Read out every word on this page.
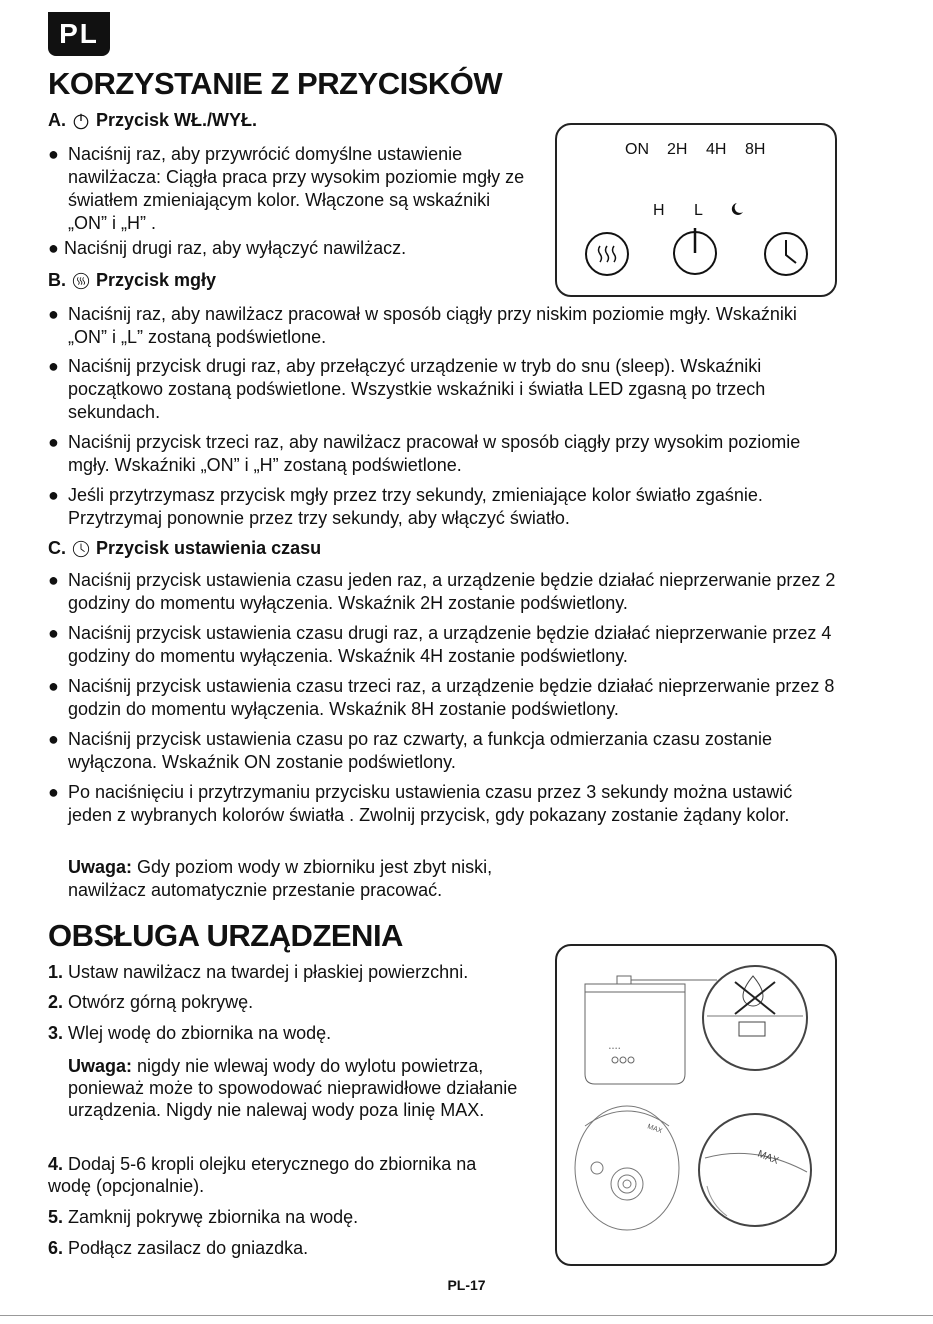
PL
KORZYSTANIE Z PRZYCISKÓW
A. Przycisk WŁ./WYŁ.
● Naciśnij raz, aby przywrócić domyślne ustawienie nawilżacza: Ciągła praca przy wysokim poziomie mgły ze światłem zmieniającym kolor. Włączone są wskaźniki „ON” i „H” .
● Naciśnij drugi raz, aby wyłączyć nawilżacz.
ON 2H 4H 8H
H L
B. Przycisk mgły
● Naciśnij raz, aby nawilżacz pracował w sposób ciągły przy niskim poziomie mgły. Wskaźniki „ON” i „L” zostaną podświetlone.
● Naciśnij przycisk drugi raz, aby przełączyć urządzenie w tryb do snu (sleep). Wskaźniki początkowo zostaną podświetlone. Wszystkie wskaźniki i światła LED zgasną po trzech sekundach.
● Naciśnij przycisk trzeci raz, aby nawilżacz pracował w sposób ciągły przy wysokim poziomie mgły. Wskaźniki „ON” i „H” zostaną podświetlone.
● Jeśli przytrzymasz przycisk mgły przez trzy sekundy, zmieniające kolor światło zgaśnie. Przytrzymaj ponownie przez trzy sekundy, aby włączyć światło.
C. Przycisk ustawienia czasu
● Naciśnij przycisk ustawienia czasu jeden raz, a urządzenie będzie działać nieprzerwanie przez 2 godziny do momentu wyłączenia. Wskaźnik 2H zostanie podświetlony.
● Naciśnij przycisk ustawienia czasu drugi raz, a urządzenie będzie działać nieprzerwanie przez 4 godziny do momentu wyłączenia. Wskaźnik 4H zostanie podświetlony.
● Naciśnij przycisk ustawienia czasu trzeci raz, a urządzenie będzie działać nieprzerwanie przez 8 godzin do momentu wyłączenia. Wskaźnik 8H zostanie podświetlony.
● Naciśnij przycisk ustawienia czasu po raz czwarty, a funkcja odmierzania czasu zostanie wyłączona. Wskaźnik ON zostanie podświetlony.
● Po naciśnięciu i przytrzymaniu przycisku ustawienia czasu przez 3 sekundy można ustawić jeden z wybranych kolorów światła . Zwolnij przycisk, gdy pokazany zostanie żądany kolor.
Uwaga: Gdy poziom wody w zbiorniku jest zbyt niski, nawilżacz automatycznie przestanie pracować.
OBSŁUGA URZĄDZENIA
1. Ustaw nawilżacz na twardej i płaskiej powierzchni.
2. Otwórz górną pokrywę.
3. Wlej wodę do zbiornika na wodę.
Uwaga: nigdy nie wlewaj wody do wylotu powietrza, ponieważ może to spowodować nieprawidłowe działanie urządzenia. Nigdy nie nalewaj wody poza linię MAX.
4. Dodaj 5-6 kropli olejku eterycznego do zbiornika na wodę (opcjonalnie).
5. Zamknij pokrywę zbiornika na wodę.
6. Podłącz zasilacz do gniazdka.
• • • •
MAX
MAX
PL-17
